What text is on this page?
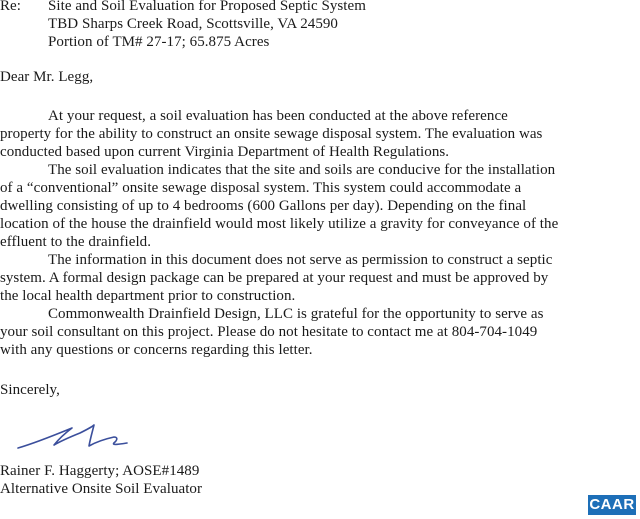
Re: Site and Soil Evaluation for Proposed Septic System
TBD Sharps Creek Road, Scottsville, VA 24590
Portion of TM# 27-17; 65.875 Acres
Dear Mr. Legg,
At your request, a soil evaluation has been conducted at the above reference
property for the ability to construct an onsite sewage disposal system. The evaluation was
conducted based upon current Virginia Department of Health Regulations.
The soil evaluation indicates that the site and soils are conducive for the installation
of a “conventional” onsite sewage disposal system. This system could accommodate a
dwelling consisting of up to 4 bedrooms (600 Gallons per day). Depending on the final
location of the house the drainfield would most likely utilize a gravity for conveyance of the
effluent to the drainfield.
The information in this document does not serve as permission to construct a septic
system. A formal design package can be prepared at your request and must be approved by
the local health department prior to construction.
Commonwealth Drainfield Design, LLC is grateful for the opportunity to serve as
your soil consultant on this project. Please do not hesitate to contact me at 804-704-1049
with any questions or concerns regarding this letter.
Sincerely,
Rainer F. Haggerty; AOSE#1489
Alternative Onsite Soil Evaluator
CAAR
